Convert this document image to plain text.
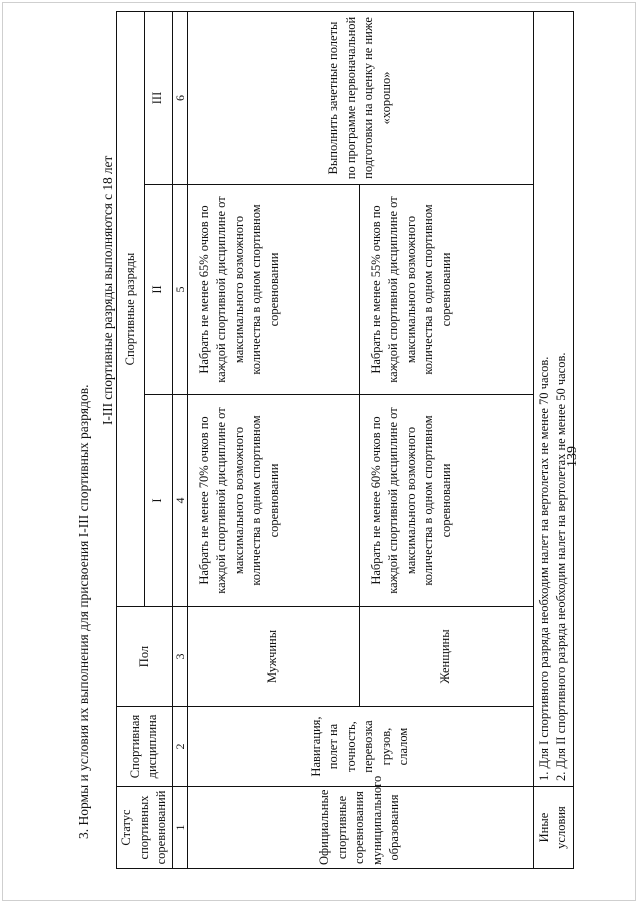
139
3. Нормы и условия их выполнения для присвоения I-III спортивных разрядов.
I-III спортивные разряды выполняются с 18 лет
Статус спортивных соревнований	Спортивная дисциплина	Пол	Спортивные разряды		
			I	II	III
1	2	3	4	5	6
Официальные спортивные соревнования муниципального образования	Навигация, полет на точность, перевозка грузов, слалом	Мужчины	Набрать не менее 70% очков по каждой спортивной дисциплине от максимального возможного количества в одном спортивном соревновании	Набрать не менее 65% очков по каждой спортивной дисциплине от максимального возможного количества в одном спортивном соревновании	Выполнить зачетные полеты по программе первоначальной подготовки на оценку не ниже «хорошо»
		Женщины	Набрать не менее 60% очков по каждой спортивной дисциплине от максимального возможного количества в одном спортивном соревновании	Набрать не менее 55% очков по каждой спортивной дисциплине от максимального возможного количества в одном спортивном соревновании	
Иные условия	1. Для I спортивного разряда необходим налет на вертолетах не менее 70 часов. 2. Для II спортивного разряда необходим налет на вертолетах не менее 50 часов.				
